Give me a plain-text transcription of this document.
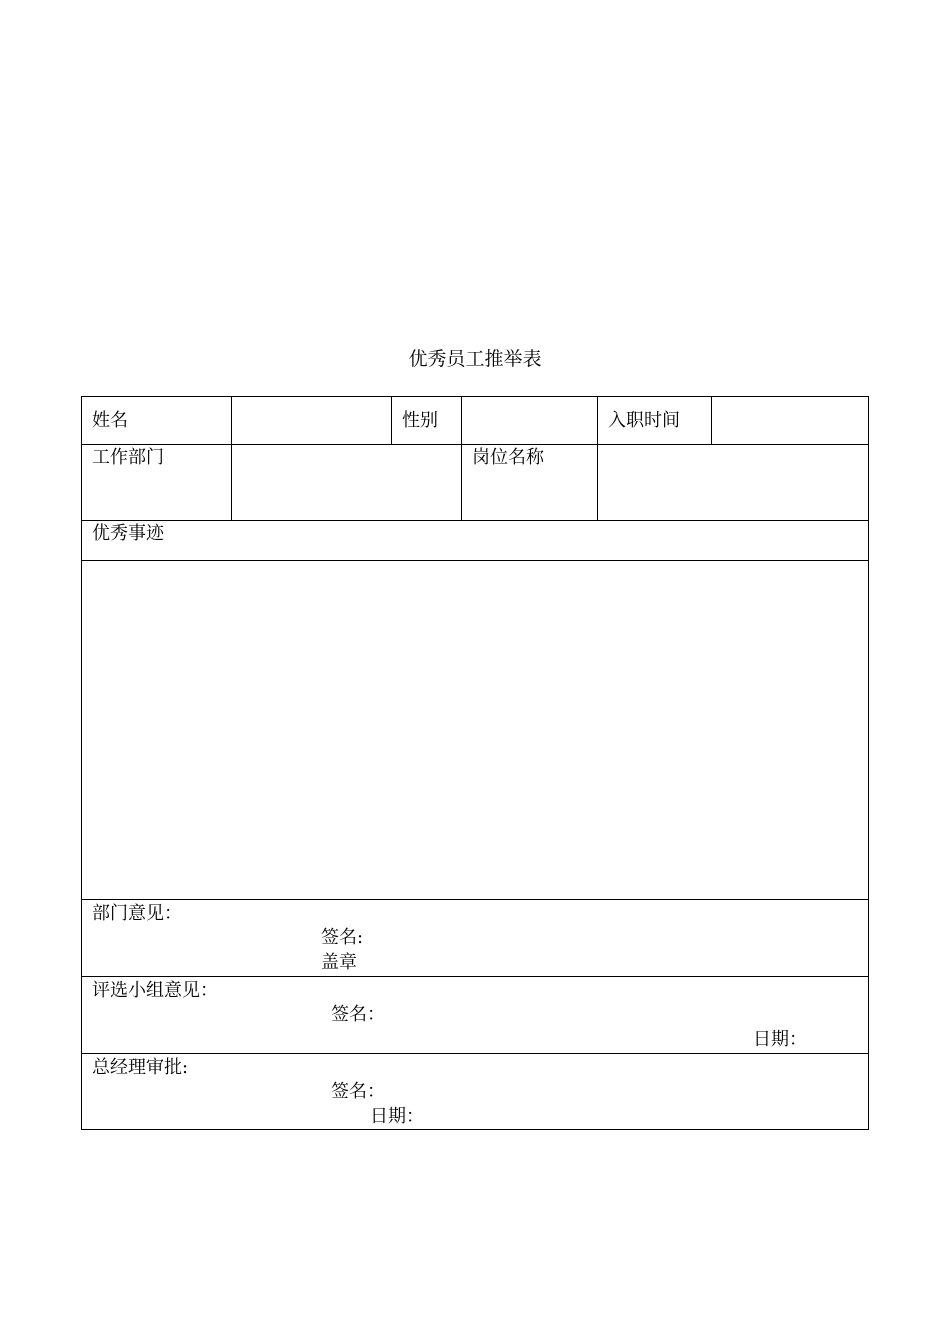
优秀员工推举表
姓名		性别		入职时间	
工作部门			岗位名称		
优秀事迹					

部门意见：
签名:
盖章					

评选小组意见：
签名：
日期：					

总经理审批:
签名：
日期：					
